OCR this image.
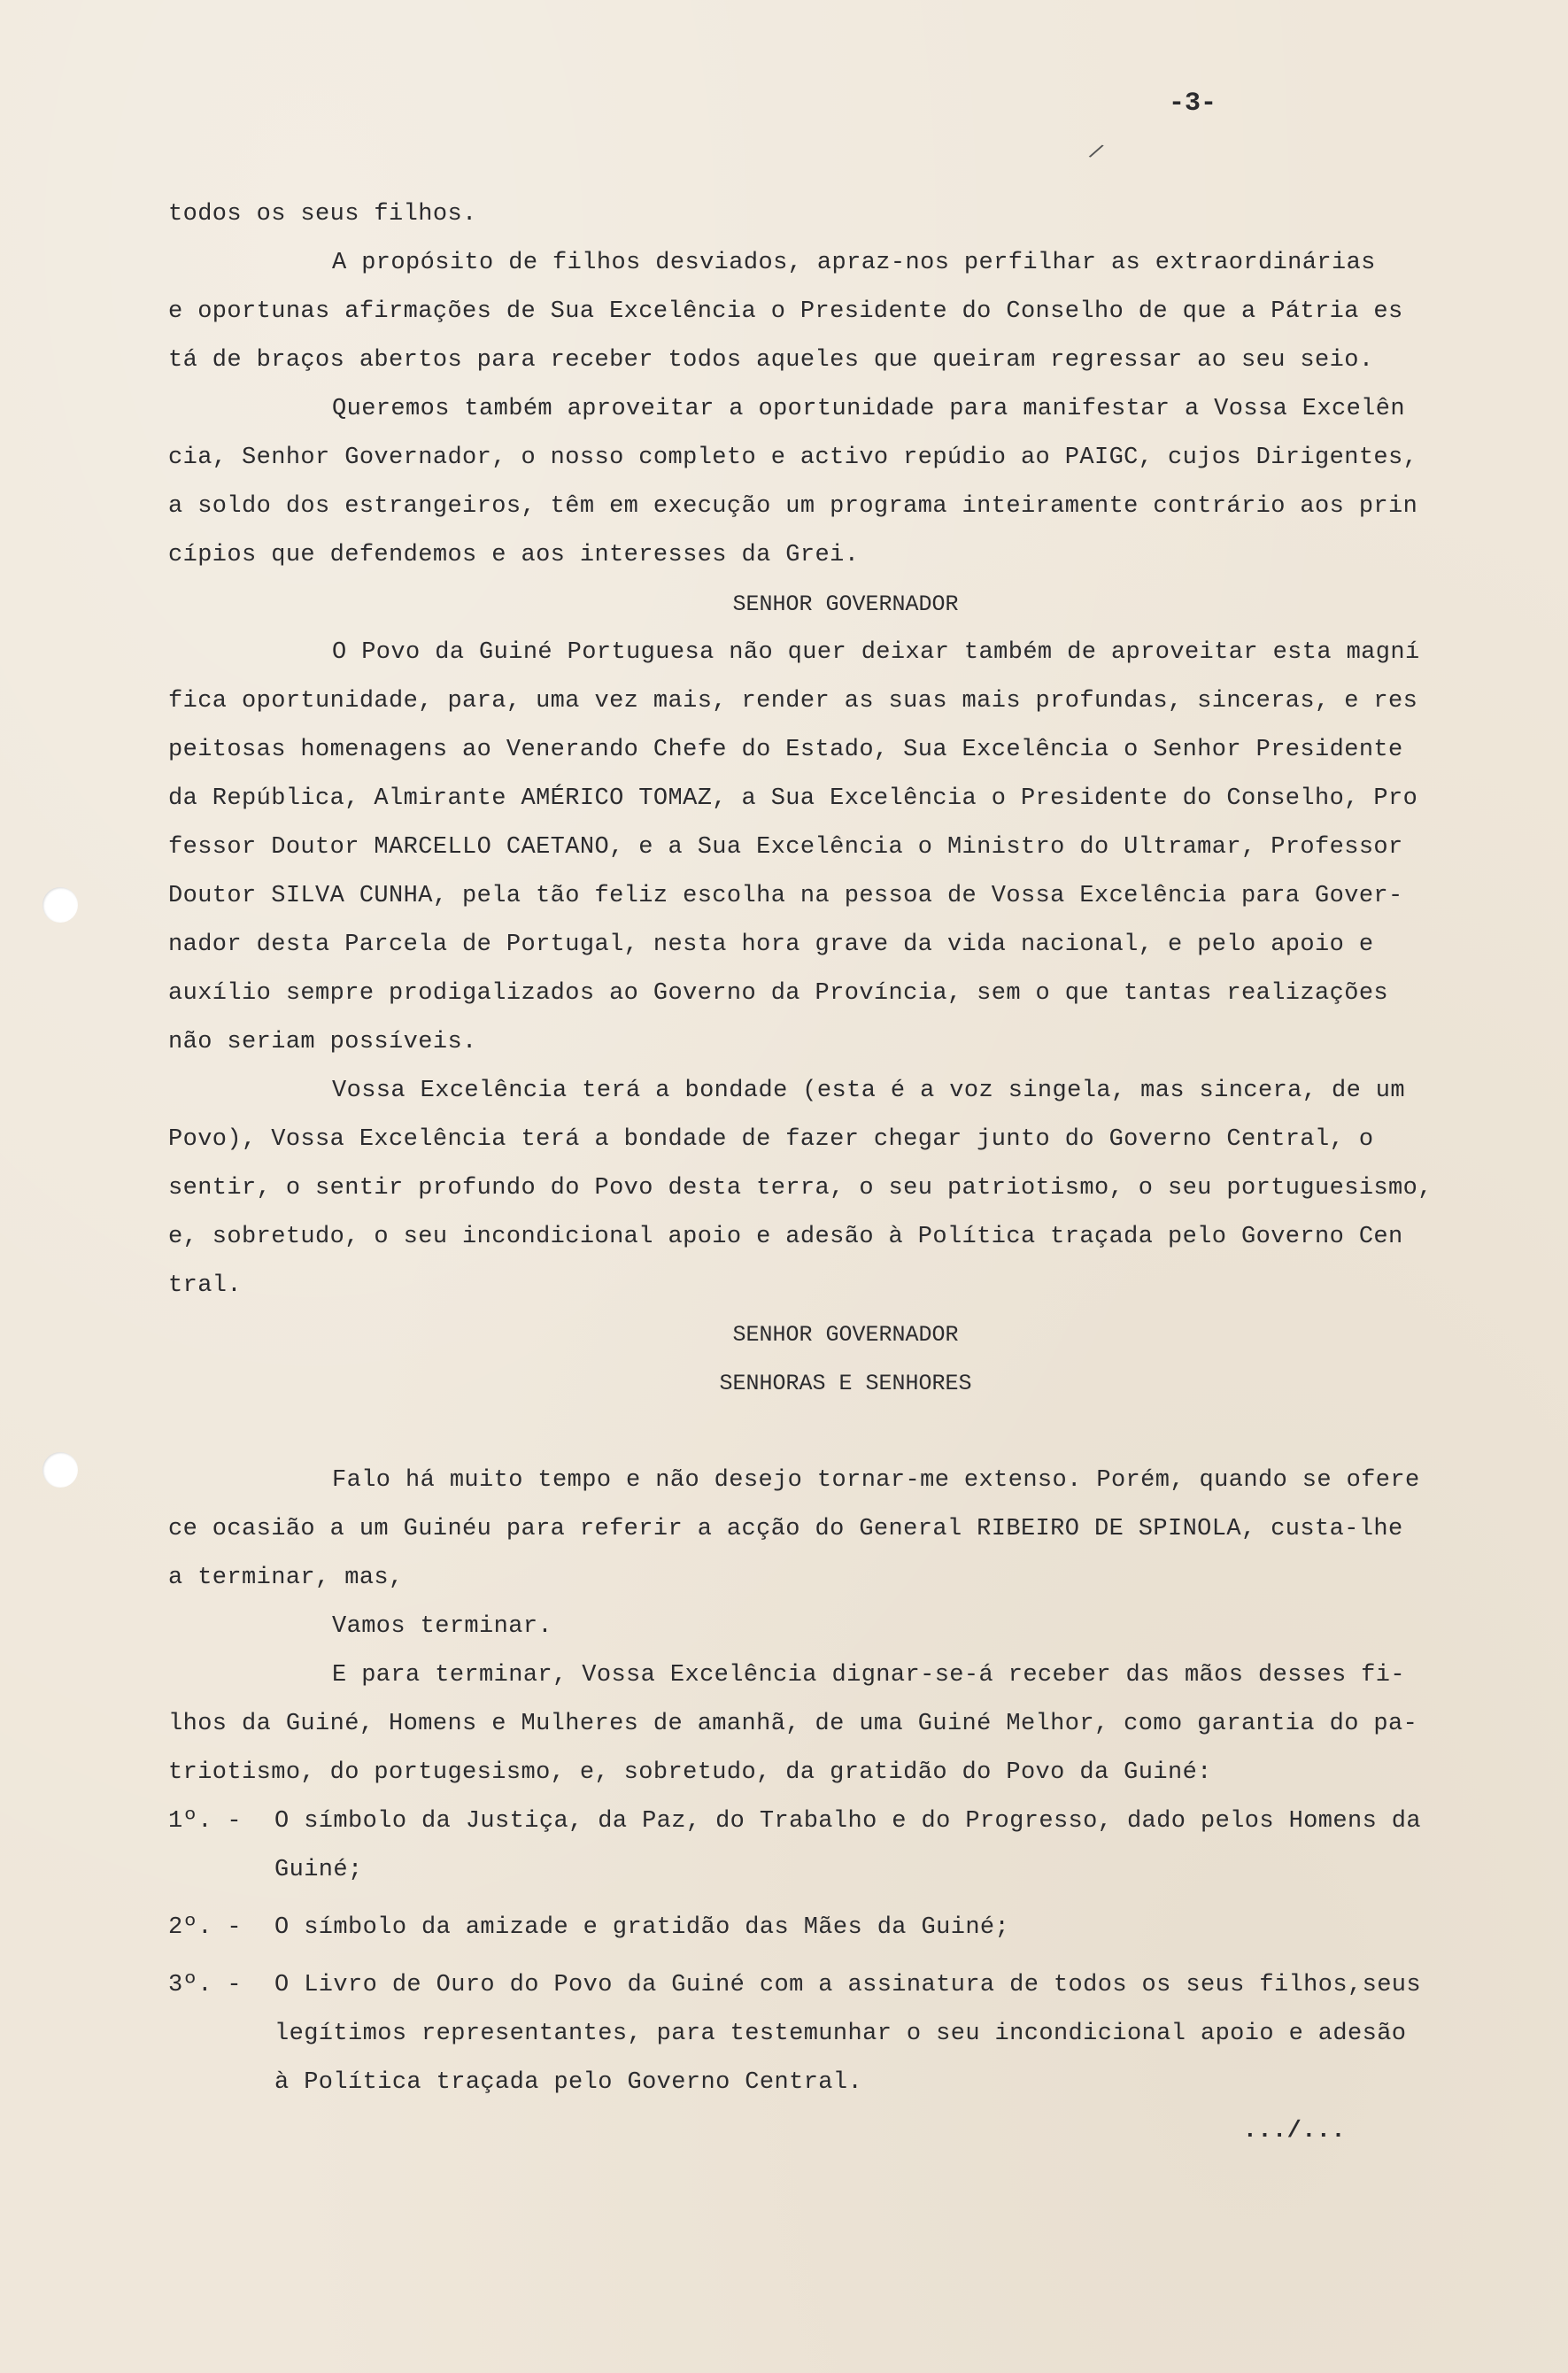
-3-
/
todos os seus filhos.
A propósito de filhos desviados, apraz-nos perfilhar as extraordinárias
e oportunas afirmações de Sua Excelência o Presidente do Conselho de que a Pátria es
tá de braços abertos para receber todos aqueles que queiram regressar ao seu seio.
Queremos também aproveitar a oportunidade para manifestar a Vossa Excelên
cia, Senhor Governador, o nosso completo e activo repúdio ao PAIGC, cujos Dirigentes,
a soldo dos estrangeiros, têm em execução um programa inteiramente contrário aos prin
cípios que defendemos e aos interesses da Grei.
SENHOR GOVERNADOR
O Povo da Guiné Portuguesa não quer deixar também de aproveitar esta magní
fica oportunidade, para, uma vez mais, render as suas mais profundas, sinceras, e res
peitosas homenagens ao Venerando Chefe do Estado, Sua Excelência o Senhor Presidente
da República, Almirante AMÉRICO TOMAZ, a Sua Excelência o Presidente do Conselho, Pro
fessor Doutor MARCELLO CAETANO, e a Sua Excelência o Ministro do Ultramar, Professor
Doutor SILVA CUNHA, pela tão feliz escolha na pessoa de Vossa Excelência para Gover-
nador desta Parcela de Portugal, nesta hora grave da vida nacional, e pelo apoio e
auxílio sempre prodigalizados ao Governo da Província, sem o que tantas realizações
não seriam possíveis.
Vossa Excelência terá a bondade (esta é a voz singela, mas sincera, de um
Povo), Vossa Excelência terá a bondade de fazer chegar junto do Governo Central, o
sentir, o sentir profundo do Povo desta terra, o seu patriotismo, o seu portuguesismo,
e, sobretudo, o seu incondicional apoio e adesão à Política traçada pelo Governo Cen
tral.
SENHOR GOVERNADOR
SENHORAS E SENHORES
Falo há muito tempo e não desejo tornar-me extenso. Porém, quando se ofere
ce ocasião a um Guinéu para referir a acção do General RIBEIRO DE SPINOLA, custa-lhe
a terminar, mas,
Vamos terminar.
E para terminar, Vossa Excelência dignar-se-á receber das mãos desses fi-
lhos da Guiné, Homens e Mulheres de amanhã, de uma Guiné Melhor, como garantia do pa-
triotismo, do portugesismo, e, sobretudo, da gratidão do Povo da Guiné:
1º. -	O símbolo da Justiça, da Paz, do Trabalho e do Progresso, dado pelos Homens da
Guiné;
2º. -	O símbolo da amizade e gratidão das Mães da Guiné;
3º. -	O Livro de Ouro do Povo da Guiné com a assinatura de todos os seus filhos,seus
legítimos representantes, para testemunhar o seu incondicional apoio e adesão
à Política traçada pelo Governo Central.
.../...
